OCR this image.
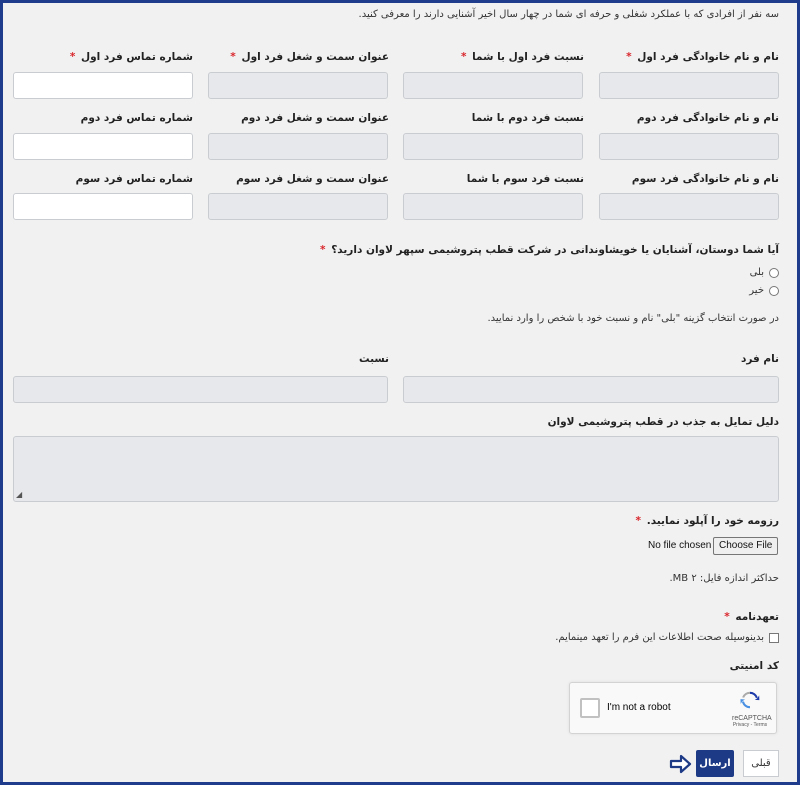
سه نفر از افرادی که با عملکرد شغلی و حرفه ای شما در چهار سال اخیر آشنایی دارند را معرفی کنید.
نام و نام خانوادگی فرد اول *
نسبت فرد اول با شما *
عنوان سمت و شغل فرد اول *
شماره تماس فرد اول *
نام و نام خانوادگی فرد دوم
نسبت فرد دوم با شما
عنوان سمت و شغل فرد دوم
شماره تماس فرد دوم
نام و نام خانوادگی فرد سوم
نسبت فرد سوم با شما
عنوان سمت و شغل فرد سوم
شماره تماس فرد سوم
آیا شما دوستان، آشنایان یا خویشاوندانی در شرکت قطب پتروشیمی سپهر لاوان دارید؟ *
بلی
خیر
در صورت انتخاب گزینه "بلی" نام و نسبت خود با شخص را وارد نمایید.
نام فرد
نسبت
دلیل تمایل به جذب در قطب پتروشیمی لاوان
◢
رزومه خود را آپلود نمایید. *
Choose File
No file chosen
حداکثر اندازه فایل: ۲ MB.
تعهدنامه *
بدینوسیله صحت اطلاعات این فرم را تعهد مینمایم.
کد امنیتی
I'm not a robot
reCAPTCHA
Privacy - Terms
قبلی
ارسال
